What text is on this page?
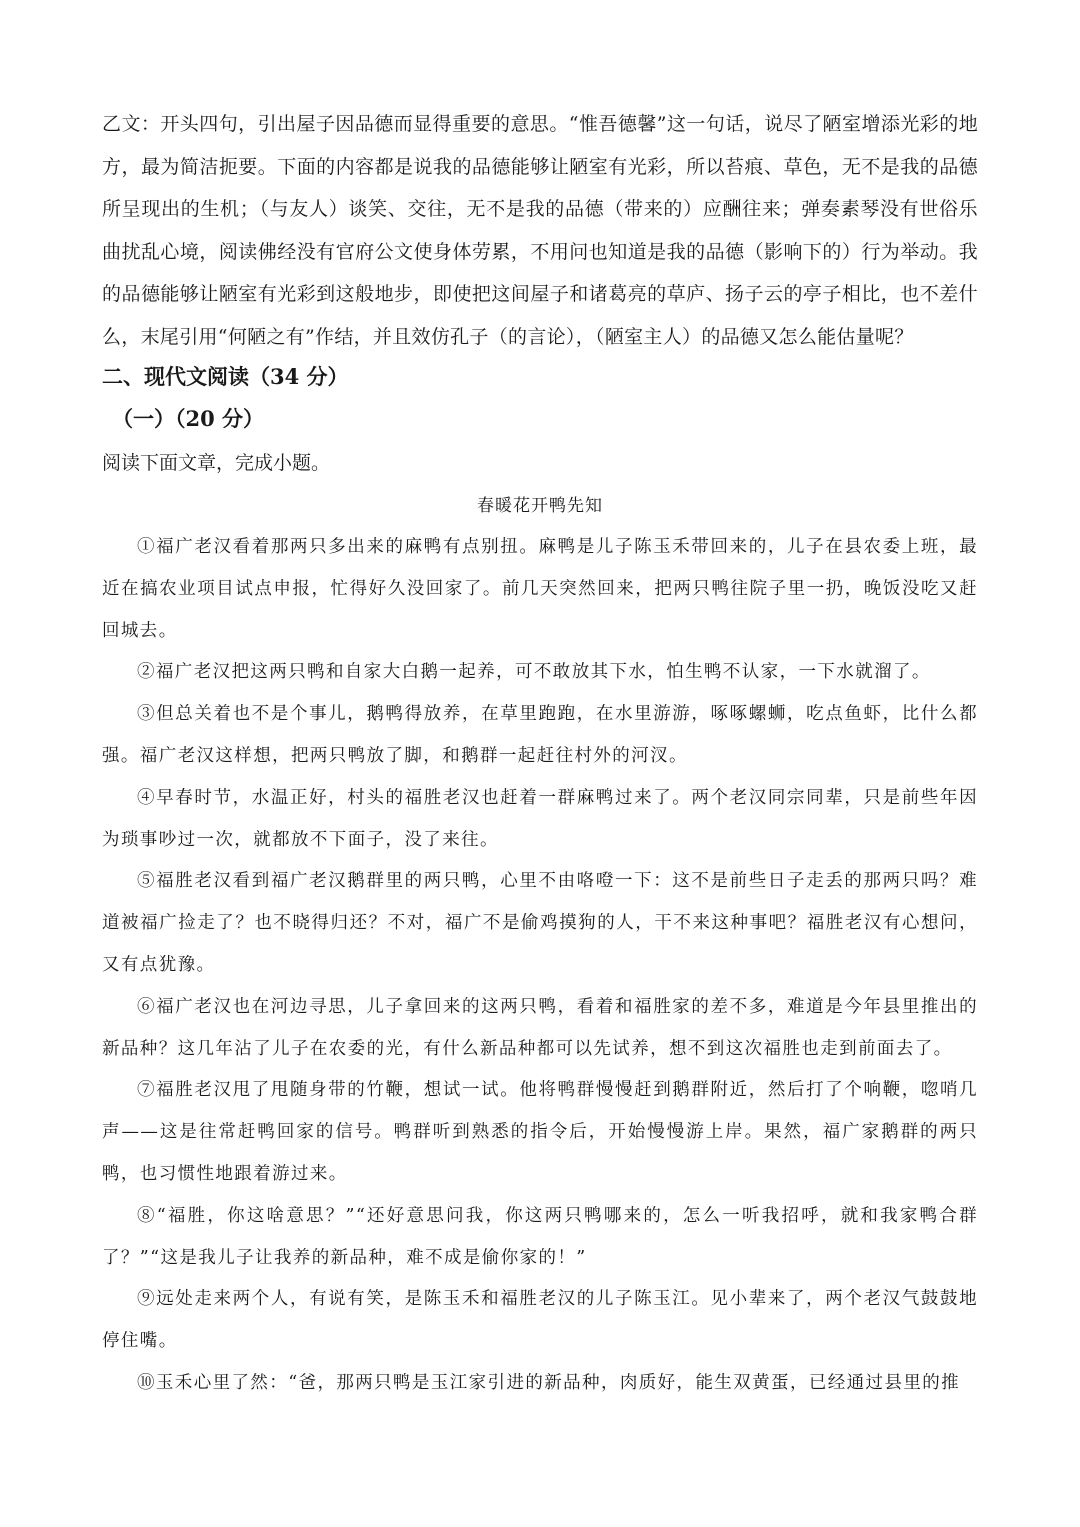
乙文：开头四句，引出屋子因品德而显得重要的意思。“惟吾德馨”这一句话，说尽了陋室增添光彩的地方，最为简洁扼要。下面的内容都是说我的品德能够让陋室有光彩，所以苔痕、草色，无不是我的品德所呈现出的生机；（与友人）谈笑、交往，无不是我的品德（带来的）应酬往来；弹奏素琴没有世俗乐曲扰乱心境，阅读佛经没有官府公文使身体劳累，不用问也知道是我的品德（影响下的）行为举动。我的品德能够让陋室有光彩到这般地步，即使把这间屋子和诸葛亮的草庐、扬子云的亭子相比，也不差什么，末尾引用“何陋之有”作结，并且效仿孔子（的言论），（陋室主人）的品德又怎么能估量呢？

二、现代文阅读（34 分）
（一）（20 分）
阅读下面文章，完成小题。
春暖花开鸭先知

①福广老汉看着那两只多出来的麻鸭有点别扭。麻鸭是儿子陈玉禾带回来的，儿子在县农委上班，最近在搞农业项目试点申报，忙得好久没回家了。前几天突然回来，把两只鸭往院子里一扔，晚饭没吃又赶回城去。

②福广老汉把这两只鸭和自家大白鹅一起养，可不敢放其下水，怕生鸭不认家，一下水就溜了。

③但总关着也不是个事儿，鹅鸭得放养，在草里跑跑，在水里游游，啄啄螺蛳，吃点鱼虾，比什么都强。福广老汉这样想，把两只鸭放了脚，和鹅群一起赶往村外的河汊。

④早春时节，水温正好，村头的福胜老汉也赶着一群麻鸭过来了。两个老汉同宗同辈，只是前些年因为琐事吵过一次，就都放不下面子，没了来往。

⑤福胜老汉看到福广老汉鹅群里的两只鸭，心里不由咯噔一下：这不是前些日子走丢的那两只吗？难道被福广捡走了？也不晓得归还？不对，福广不是偷鸡摸狗的人，干不来这种事吧？福胜老汉有心想问，又有点犹豫。

⑥福广老汉也在河边寻思，儿子拿回来的这两只鸭，看着和福胜家的差不多，难道是今年县里推出的新品种？这几年沾了儿子在农委的光，有什么新品种都可以先试养，想不到这次福胜也走到前面去了。

⑦福胜老汉甩了甩随身带的竹鞭，想试一试。他将鸭群慢慢赶到鹅群附近，然后打了个响鞭，唿哨几声——这是往常赶鸭回家的信号。鸭群听到熟悉的指令后，开始慢慢游上岸。果然，福广家鹅群的两只鸭，也习惯性地跟着游过来。

⑧“福胜，你这啥意思？”“还好意思问我，你这两只鸭哪来的，怎么一听我招呼，就和我家鸭合群了？”“这是我儿子让我养的新品种，难不成是偷你家的！”

⑨远处走来两个人，有说有笑，是陈玉禾和福胜老汉的儿子陈玉江。见小辈来了，两个老汉气鼓鼓地停住嘴。

⑩玉禾心里了然：“爸，那两只鸭是玉江家引进的新品种，肉质好，能生双黄蛋，已经通过县里的推
